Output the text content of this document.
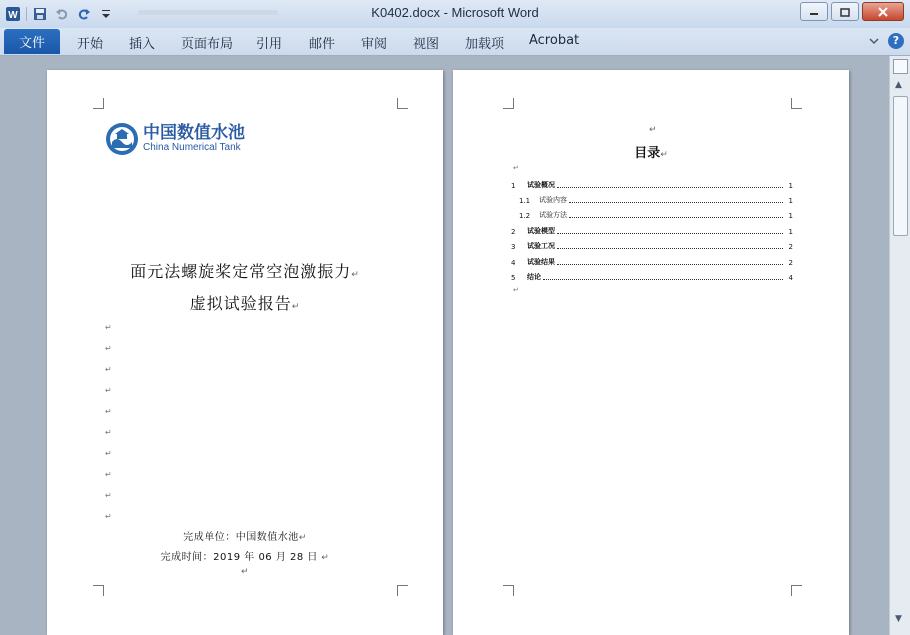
W	K0402.docx - Microsoft Word
文件	开始 插入 页面布局 引用 邮件 审阅 视图 加载项 Acrobat	?
中国数值水池
China Numerical Tank
面元法螺旋桨定常空泡激振力↵
虚拟试验报告↵
↵
↵
↵
↵
↵
↵
↵
↵
↵
↵
完成单位：中国数值水池↵
完成时间：2019 年 06 月 28 日 ↵
↵
↵
目录↵
↵
1	试验概况	1
1.1	试验内容	1
1.2	试验方法	1
2	试验模型	1
3	试验工况	2
4	试验结果	2
5	结论	4
↵
▲
▼
